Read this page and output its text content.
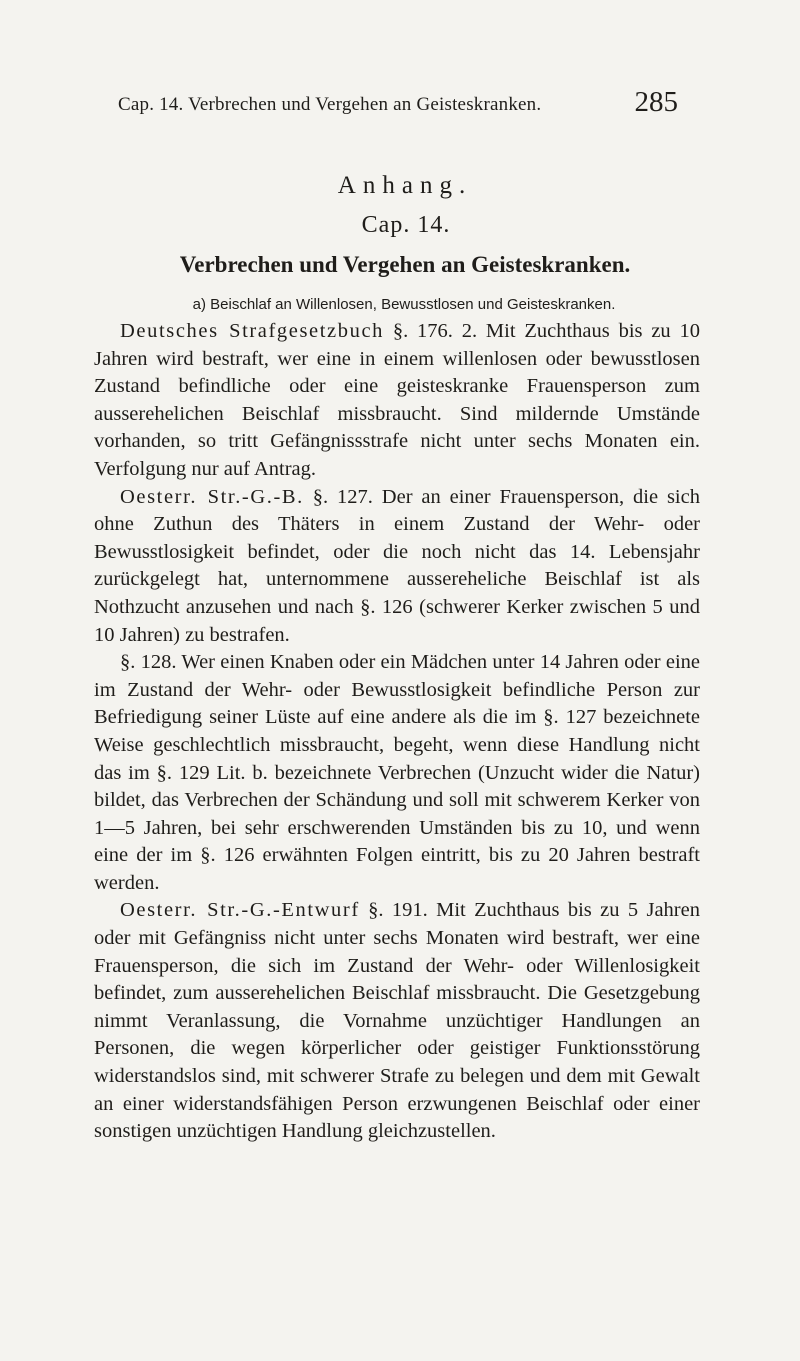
Cap. 14. Verbrechen und Vergehen an Geisteskranken.	285
Anhang.
Cap. 14.
Verbrechen und Vergehen an Geisteskranken.
a) Beischlaf an Willenlosen, Bewusstlosen und Geisteskranken.

Deutsches Strafgesetzbuch §. 176. 2. Mit Zuchthaus bis zu 10 Jahren wird bestraft, wer eine in einem willenlosen oder bewusstlosen Zustand befindliche oder eine geisteskranke Frauensperson zum ausserehelichen Beischlaf missbraucht. Sind mildernde Umstände vorhanden, so tritt Gefängnissstrafe nicht unter sechs Monaten ein. Verfolgung nur auf Antrag.

Oesterr. Str.-G.-B. §. 127. Der an einer Frauensperson, die sich ohne Zuthun des Thäters in einem Zustand der Wehr- oder Bewusstlosigkeit befindet, oder die noch nicht das 14. Lebensjahr zurückgelegt hat, unternommene aussereheliche Beischlaf ist als Nothzucht anzusehen und nach §. 126 (schwerer Kerker zwischen 5 und 10 Jahren) zu bestrafen.

§. 128. Wer einen Knaben oder ein Mädchen unter 14 Jahren oder eine im Zustand der Wehr- oder Bewusstlosigkeit befindliche Person zur Befriedigung seiner Lüste auf eine andere als die im §. 127 bezeichnete Weise geschlechtlich missbraucht, begeht, wenn diese Handlung nicht das im §. 129 Lit. b. bezeichnete Verbrechen (Unzucht wider die Natur) bildet, das Verbrechen der Schändung und soll mit schwerem Kerker von 1—5 Jahren, bei sehr erschwerenden Umständen bis zu 10, und wenn eine der im §. 126 erwähnten Folgen eintritt, bis zu 20 Jahren bestraft werden.

Oesterr. Str.-G.-Entwurf §. 191. Mit Zuchthaus bis zu 5 Jahren oder mit Gefängniss nicht unter sechs Monaten wird bestraft, wer eine Frauensperson, die sich im Zustand der Wehr- oder Willenlosigkeit befindet, zum ausserehelichen Beischlaf missbraucht. Die Gesetzgebung nimmt Veranlassung, die Vornahme unzüchtiger Handlungen an Personen, die wegen körperlicher oder geistiger Funktionsstörung widerstandslos sind, mit schwerer Strafe zu belegen und dem mit Gewalt an einer widerstandsfähigen Person erzwungenen Beischlaf oder einer sonstigen unzüchtigen Handlung gleichzustellen.
